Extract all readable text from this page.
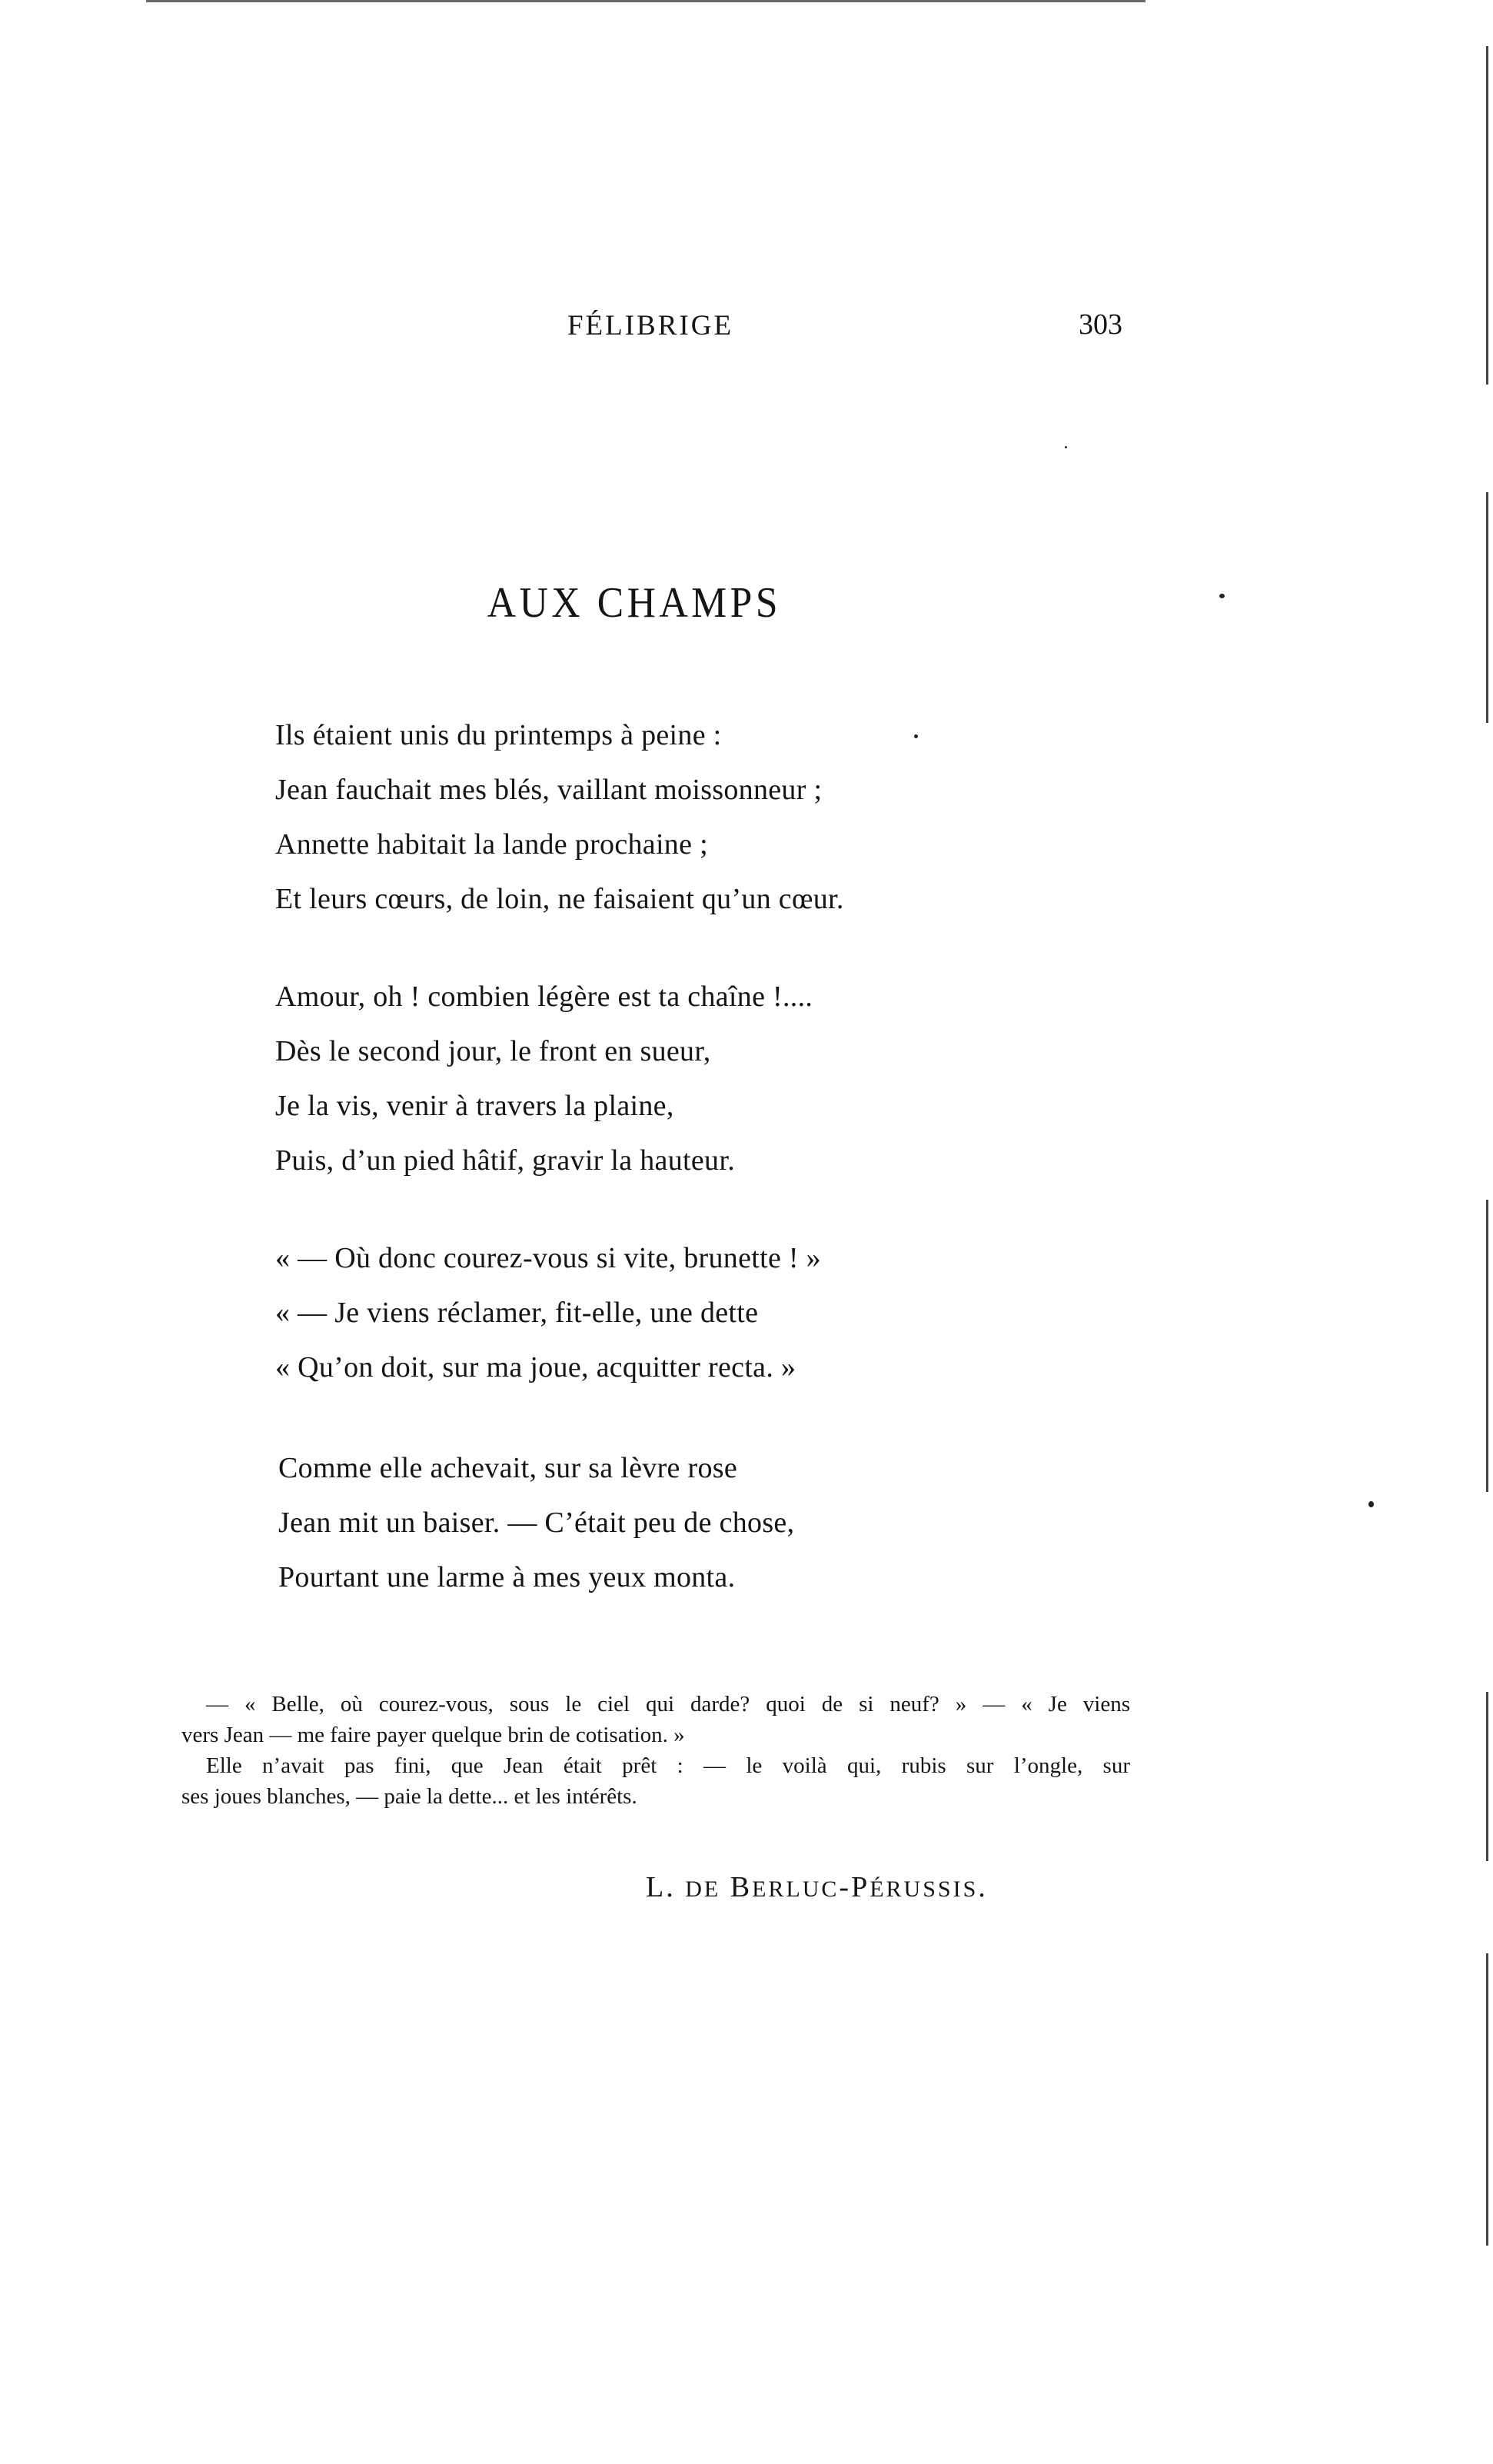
FÉLIBRIGE	303
AUX CHAMPS
Ils étaient unis du printemps à peine :
Jean fauchait mes blés, vaillant moissonneur ;
Annette habitait la lande prochaine ;
Et leurs cœurs, de loin, ne faisaient qu’un cœur.
Amour, oh ! combien légère est ta chaîne !....
Dès le second jour, le front en sueur,
Je la vis, venir à travers la plaine,
Puis, d’un pied hâtif, gravir la hauteur.
« — Où donc courez-vous si vite, brunette ! »
« — Je viens réclamer, fit-elle, une dette
« Qu’on doit, sur ma joue, acquitter recta. »
Comme elle achevait, sur sa lèvre rose
Jean mit un baiser. — C’était peu de chose,
Pourtant une larme à mes yeux monta.
— « Belle, où courez-vous, sous le ciel qui darde? quoi de si neuf? » — « Je viens
vers Jean — me faire payer quelque brin de cotisation. »
Elle n’avait pas fini, que Jean était prêt : — le voilà qui, rubis sur l’ongle, sur
ses joues blanches, — paie la dette... et les intérêts.
L. DE BERLUC-PÉRUSSIS.
